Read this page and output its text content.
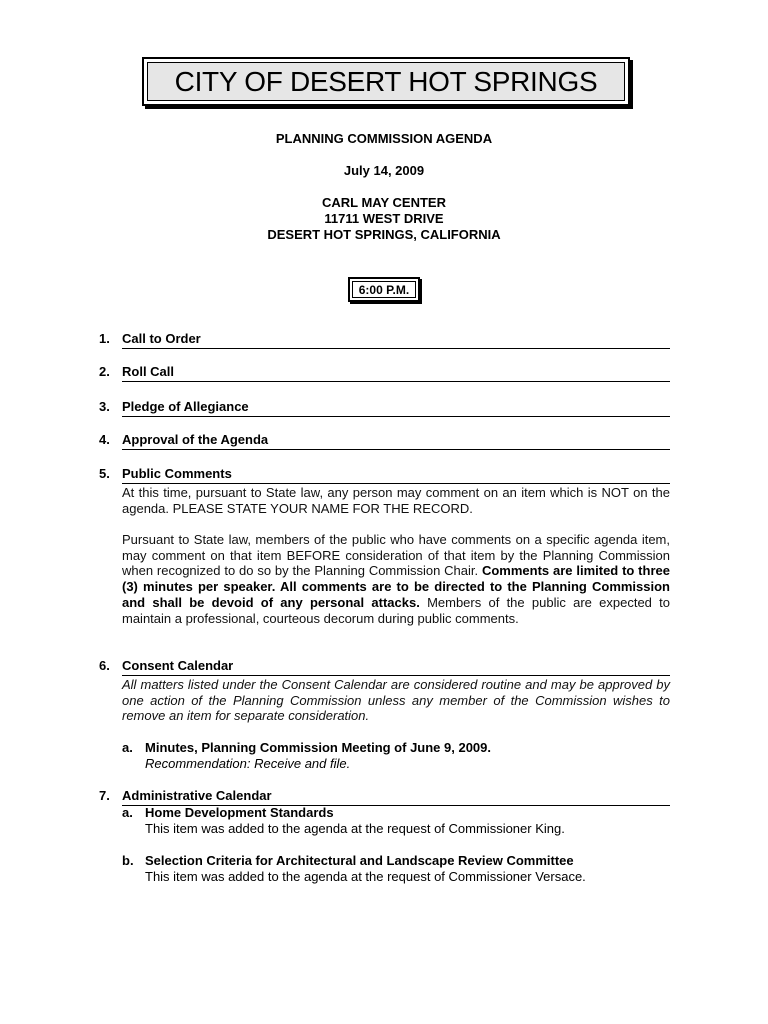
CITY OF DESERT HOT SPRINGS
PLANNING COMMISSION AGENDA
July 14, 2009
CARL MAY CENTER
11711 WEST DRIVE
DESERT HOT SPRINGS, CALIFORNIA
6:00 P.M.
1. Call to Order
2. Roll Call
3. Pledge of Allegiance
4. Approval of the Agenda
5. Public Comments
At this time, pursuant to State law, any person may comment on an item which is NOT on the agenda. PLEASE STATE YOUR NAME FOR THE RECORD.
Pursuant to State law, members of the public who have comments on a specific agenda item, may comment on that item BEFORE consideration of that item by the Planning Commission when recognized to do so by the Planning Commission Chair. Comments are limited to three (3) minutes per speaker. All comments are to be directed to the Planning Commission and shall be devoid of any personal attacks. Members of the public are expected to maintain a professional, courteous decorum during public comments.
6. Consent Calendar
All matters listed under the Consent Calendar are considered routine and may be approved by one action of the Planning Commission unless any member of the Commission wishes to remove an item for separate consideration.
a. Minutes, Planning Commission Meeting of June 9, 2009.
Recommendation: Receive and file.
7. Administrative Calendar
a. Home Development Standards
This item was added to the agenda at the request of Commissioner King.
b. Selection Criteria for Architectural and Landscape Review Committee
This item was added to the agenda at the request of Commissioner Versace.
